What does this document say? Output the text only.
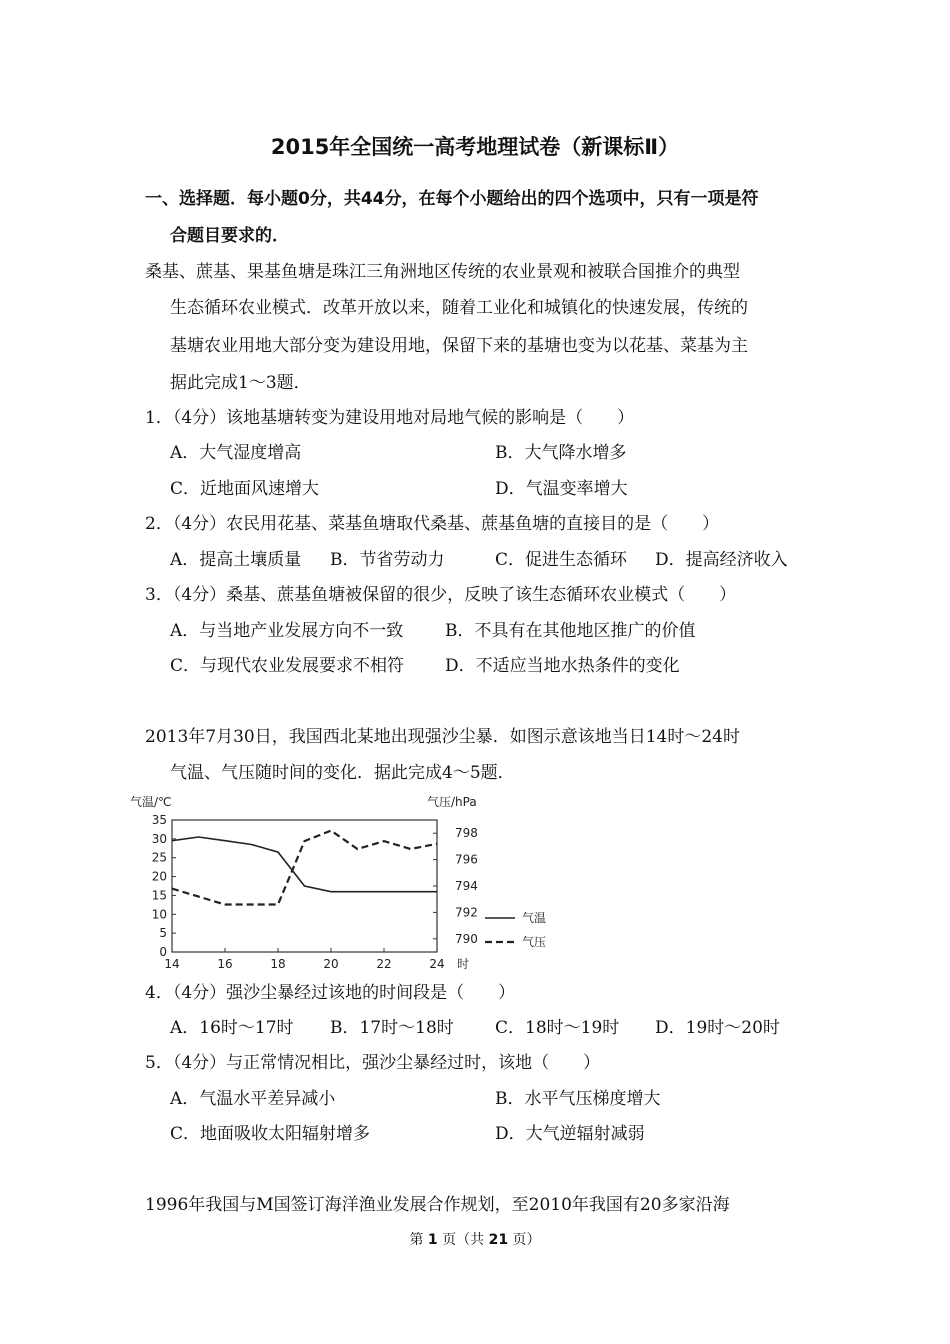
2015年全国统一高考地理试卷（新课标Ⅱ）
一、选择题．每小题0分，共44分，在每个小题给出的四个选项中，只有一项是符
合题目要求的．
桑基、蔗基、果基鱼塘是珠江三角洲地区传统的农业景观和被联合国推介的典型
生态循环农业模式．改革开放以来，随着工业化和城镇化的快速发展，传统的
基塘农业用地大部分变为建设用地，保留下来的基塘也变为以花基、菜基为主
据此完成1～3题．
1．（4分）该地基塘转变为建设用地对局地气候的影响是（　　）
A．大气湿度增高	B．大气降水增多
C．近地面风速增大	D．气温变率增大
2．（4分）农民用花基、菜基鱼塘取代桑基、蔗基鱼塘的直接目的是（　　）
A．提高土壤质量 B．节省劳动力	C．促进生态循环 D．提高经济收入
3．（4分）桑基、蔗基鱼塘被保留的很少，反映了该生态循环农业模式（　　）
A．与当地产业发展方向不一致 B．不具有在其他地区推广的价值
C．与现代农业发展要求不相符 D．不适应当地水热条件的变化
2013年7月30日，我国西北某地出现强沙尘暴．如图示意该地当日14时～24时
气温、气压随时间的变化．据此完成4～5题．
气温/℃	气压/hPa
0
5
10
15
20
25
30
35
790
792
794
796
798
14	16	18	20	22	24 时
气温
气压
4．（4分）强沙尘暴经过该地的时间段是（　　）
A．16时～17时 B．17时～18时 C．18时～19时 D．19时～20时
5．（4分）与正常情况相比，强沙尘暴经过时，该地（　　）
A．气温水平差异减小	B．水平气压梯度增大
C．地面吸收太阳辐射增多	D．大气逆辐射减弱
1996年我国与M国签订海洋渔业发展合作规划，至2010年我国有20多家沿海
第 1 页（共 21 页）
